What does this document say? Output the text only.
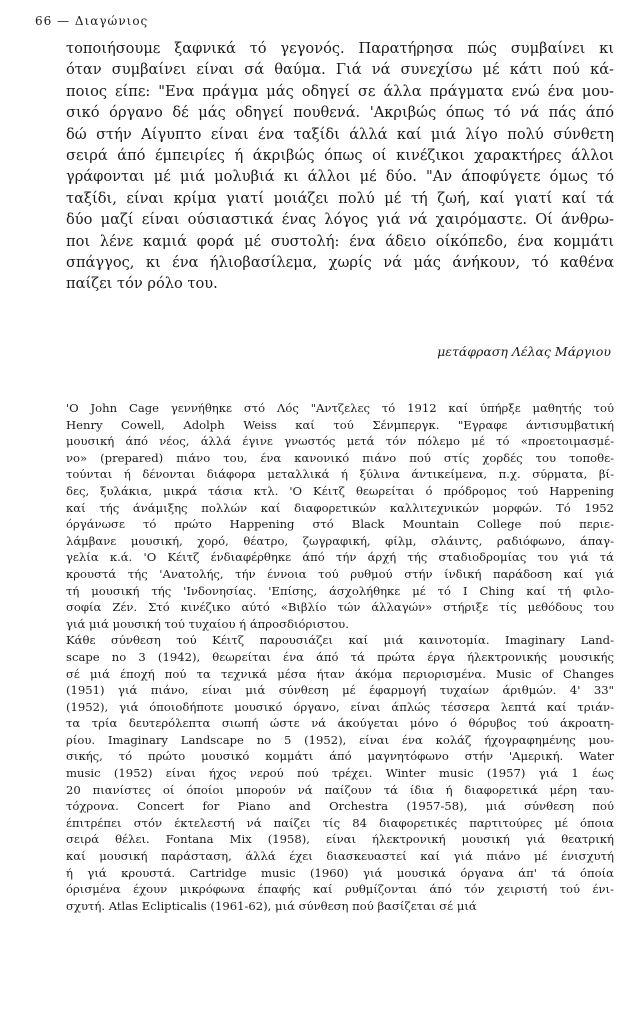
66 — Διαγώνιος
τοποιήσουμε ξαφνικά τό γεγονός. Παρατήρησα πώς συμβαίνει κι
όταν συμβαίνει είναι σά θαύμα. Γιά νά συνεχίσω μέ κάτι πού κά-
ποιος είπε: "Ενα πράγμα μάς οδηγεί σε άλλα πράγματα ενώ ένα μου-
σικό όργανο δέ μάς οδηγεί πουθενά. 'Ακριβώς όπως τό νά πάς άπό
δώ στήν Αίγυπτο είναι ένα ταξίδι άλλά καί μιά λίγο πολύ σύνθετη
σειρά άπό έμπειρίες ή άκριβώς όπως οί κινέζικοι χαρακτήρες άλλοι
γράφονται μέ μιά μολυβιά κι άλλοι μέ δύο. "Αν άποφύγετε όμως τό
ταξίδι, είναι κρίμα γιατί μοιάζει πολύ μέ τή ζωή, καί γιατί καί τά
δύο μαζί είναι ούσιαστικά ένας λόγος γιά νά χαιρόμαστε. Οί άνθρω-
ποι λένε καμιά φορά μέ συστολή: ένα άδειο οίκόπεδο, ένα κομμάτι
σπάγγος, κι ένα ήλιοβασίλεμα, χωρίς νά μάς άνήκουν, τό καθένα
παίζει τόν ρόλο του.
μετάφραση Λέλας Μάργιου
'Ο John Cage γεννήθηκε στό Λός "Αντζελες τό 1912 καί ύπήρξε μαθητής τού
Henry Cowell, Adolph Weiss καί τού Σένμπεργκ. "Εγραφε άντισυμβατική
μουσική άπό νέος, άλλά έγινε γνωστός μετά τόν πόλεμο μέ τό «προετοιμασμέ-
νο» (prepared) πιάνο του, ένα κανονικό πιάνο πού στίς χορδές του τοποθε-
τούνται ή δένονται διάφορα μεταλλικά ή ξύλινα άντικείμενα, π.χ. σύρματα, βί-
δες, ξυλάκια, μικρά τάσια κτλ. 'Ο Κέιτζ θεωρείται ό πρόδρομος τού Happening
καί τής άνάμιξης πολλών καί διαφορετικών καλλιτεχνικών μορφών. Τό 1952
όργάνωσε τό πρώτο Happening στό Black Mountain College πού περιε-
λάμβανε μουσική, χορό, θέατρο, ζωγραφική, φίλμ, σλάιντς, ραδιόφωνο, άπαγ-
γελία κ.ά. 'Ο Κέιτζ ένδιαφέρθηκε άπό τήν άρχή τής σταδιοδρομίας του γιά τά
κρουστά τής 'Ανατολής, τήν έννοια τού ρυθμού στήν ίνδική παράδοση καί γιά
τή μουσική τής 'Ινδονησίας. 'Επίσης, άσχολήθηκε μέ τό I Ching καί τή φιλο-
σοφία Ζέν. Στό κινέζικο αύτό «Βιβλίο τών άλλαγών» στήριξε τίς μεθόδους του
γιά μιά μουσική τού τυχαίου ή άπροσδιόριστου.
Κάθε σύνθεση τού Κέιτζ παρουσιάζει καί μιά καινοτομία. Imaginary Land-
scape no 3 (1942), θεωρείται ένα άπό τά πρώτα έργα ήλεκτρονικής μουσικής
σέ μιά έποχή πού τα τεχνικά μέσα ήταν άκόμα περιορισμένα. Music of Changes
(1951) γιά πιάνο, είναι μιά σύνθεση μέ έφαρμογή τυχαίων άριθμών. 4' 33"
(1952), γιά όποιοδήποτε μουσικό όργανο, είναι άπλώς τέσσερα λεπτά καί τριάν-
τα τρία δευτερόλεπτα σιωπή ώστε νά άκούγεται μόνο ό θόρυβος τού άκροατη-
ρίου. Imaginary Landscape no 5 (1952), είναι ένα κολάζ ήχογραφημένης μου-
σικής, τό πρώτο μουσικό κομμάτι άπό μαγνητόφωνο στήν 'Αμερική. Water
music (1952) είναι ήχος νερού πού τρέχει. Winter music (1957) γιά 1 έως
20 πιανίστες οί όποίοι μπορούν νά παίζουν τά ίδια ή διαφορετικά μέρη ταυ-
τόχρονα. Concert for Piano and Orchestra (1957-58), μιά σύνθεση πού
έπιτρέπει στόν έκτελεστή νά παίζει τίς 84 διαφορετικές παρτιτούρες μέ όποια
σειρά θέλει. Fontana Mix (1958), είναι ήλεκτρονική μουσική γιά θεατρική
καί μουσική παράσταση, άλλά έχει διασκευαστεί καί γιά πιάνο μέ ένισχυτή
ή γιά κρουστά. Cartridge music (1960) γιά μουσικά όργανα άπ' τά όποία
όρισμένα έχουν μικρόφωνα έπαφής καί ρυθμίζονται άπό τόν χειριστή τού ένι-
σχυτή. Atlas Eclipticalis (1961-62), μιά σύνθεση πού βασίζεται σέ μιά
